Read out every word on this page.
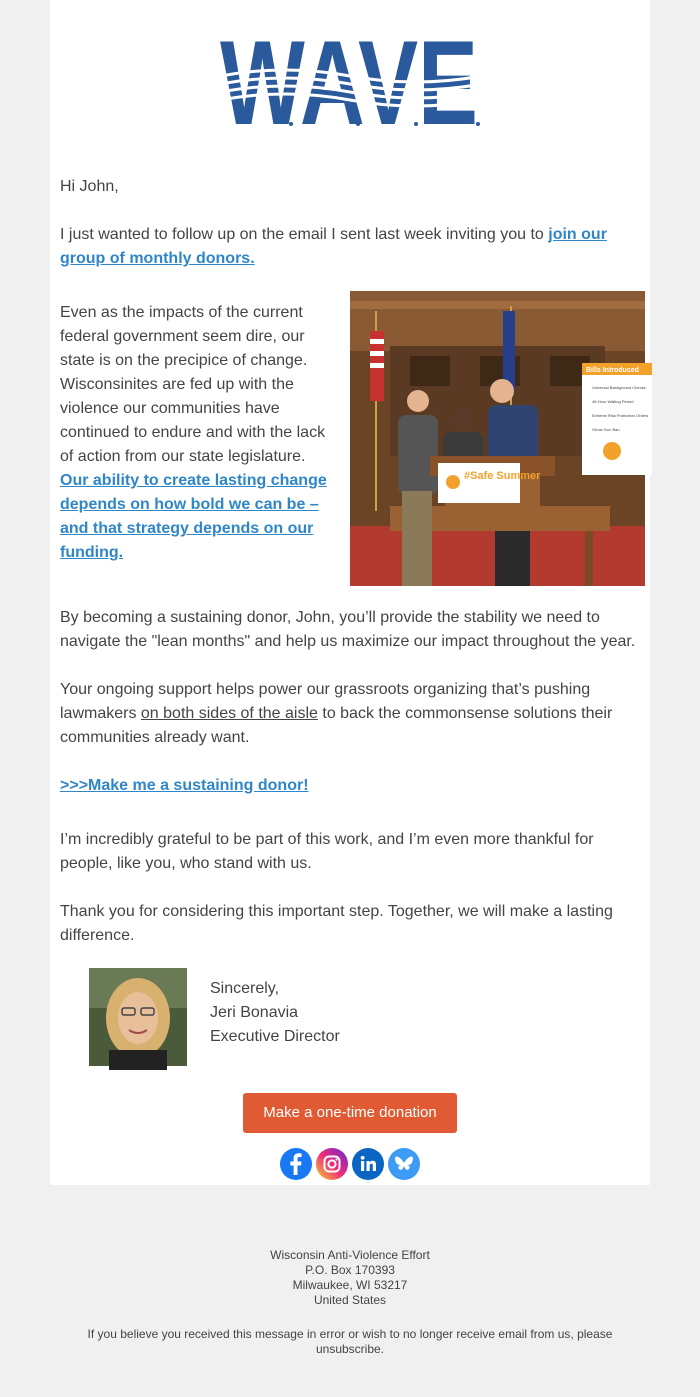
Hi John,

I just wanted to follow up on the email I sent last week inviting you to join our group of monthly donors.

Even as the impacts of the current federal government seem dire, our state is on the precipice of change. Wisconsinites are fed up with the violence our communities have continued to endure and with the lack of action from our state legislature. Our ability to create lasting change depends on how bold we can be – and that strategy depends on our funding.

#Safe Summer
Bills Introduced
Universal Background Checks
48-Hour Waiting Period
Extreme Risk Protection Orders
Ghost Gun Ban

By becoming a sustaining donor, John, you’ll provide the stability we need to navigate the "lean months" and help us maximize our impact throughout the year.

Your ongoing support helps power our grassroots organizing that’s pushing lawmakers on both sides of the aisle to back the commonsense solutions their communities already want.

>>>Make me a sustaining donor!

I’m incredibly grateful to be part of this work, and I’m even more thankful for people, like you, who stand with us.

Thank you for considering this important step. Together, we will make a lasting difference.

Sincerely,
Jeri Bonavia
Executive Director
Make a one-time donation
Wisconsin Anti-Violence Effort
P.O. Box 170393
Milwaukee, WI 53217
United States
If you believe you received this message in error or wish to no longer receive email from us, please unsubscribe.
